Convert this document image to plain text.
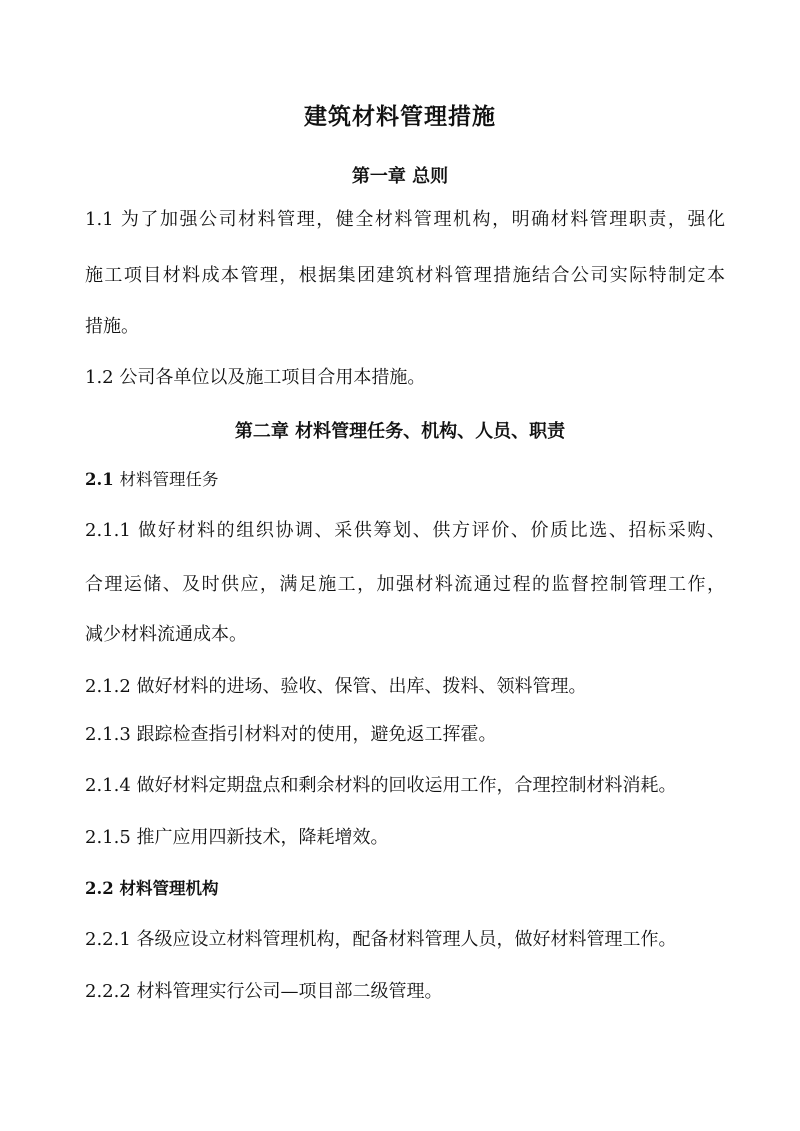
建筑材料管理措施
第一章 总则
1.1 为了加强公司材料管理，健全材料管理机构，明确材料管理职责，强化
施工项目材料成本管理，根据集团建筑材料管理措施结合公司实际特制定本
措施。
1.2 公司各单位以及施工项目合用本措施。
第二章 材料管理任务、机构、人员、职责
2.1 材料管理任务
2.1.1 做好材料的组织协调、采供筹划、供方评价、价质比选、招标采购、
合理运储、及时供应，满足施工，加强材料流通过程的监督控制管理工作，
减少材料流通成本。
2.1.2 做好材料的进场、验收、保管、出库、拨料、领料管理。
2.1.3 跟踪检查指引材料对的使用，避免返工挥霍。
2.1.4 做好材料定期盘点和剩余材料的回收运用工作，合理控制材料消耗。
2.1.5 推广应用四新技术，降耗增效。
2.2 材料管理机构
2.2.1 各级应设立材料管理机构，配备材料管理人员，做好材料管理工作。
2.2.2 材料管理实行公司—项目部二级管理。
